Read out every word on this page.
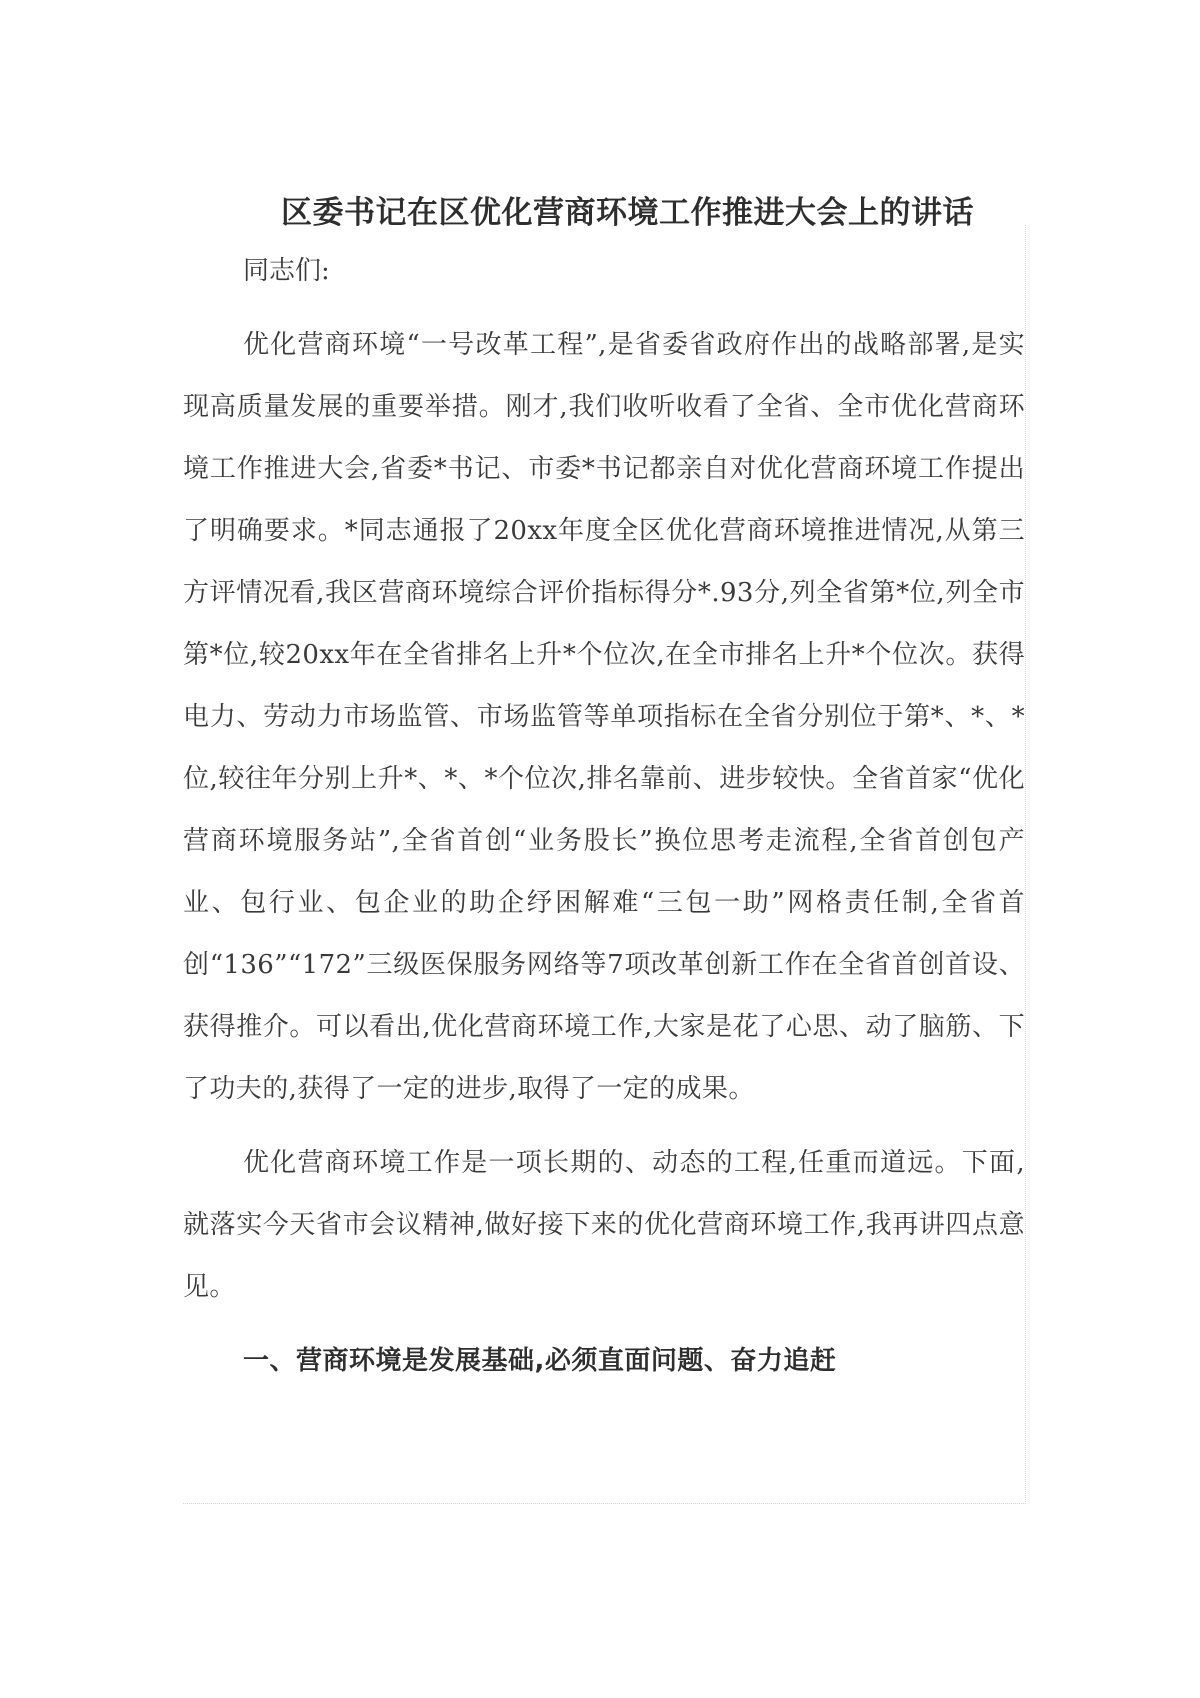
区委书记在区优化营商环境工作推进大会上的讲话

同志们:

优化营商环境“一号改革工程”,是省委省政府作出的战略部署,是实现高质量发展的重要举措。刚才,我们收听收看了全省、全市优化营商环境工作推进大会,省委*书记、市委*书记都亲自对优化营商环境工作提出了明确要求。*同志通报了20xx年度全区优化营商环境推进情况,从第三方评情况看,我区营商环境综合评价指标得分*.93分,列全省第*位,列全市第*位,较20xx年在全省排名上升*个位次,在全市排名上升*个位次。获得电力、劳动力市场监管、市场监管等单项指标在全省分别位于第*、*、*位,较往年分别上升*、*、*个位次,排名靠前、进步较快。全省首家“优化营商环境服务站”,全省首创“业务股长”换位思考走流程,全省首创包产业、包行业、包企业的助企纾困解难“三包一助”网格责任制,全省首创“136”“172”三级医保服务网络等7项改革创新工作在全省首创首设、获得推介。可以看出,优化营商环境工作,大家是花了心思、动了脑筋、下了功夫的,获得了一定的进步,取得了一定的成果。

优化营商环境工作是一项长期的、动态的工程,任重而道远。下面,就落实今天省市会议精神,做好接下来的优化营商环境工作,我再讲四点意见。

一、营商环境是发展基础,必须直面问题、奋力追赶
